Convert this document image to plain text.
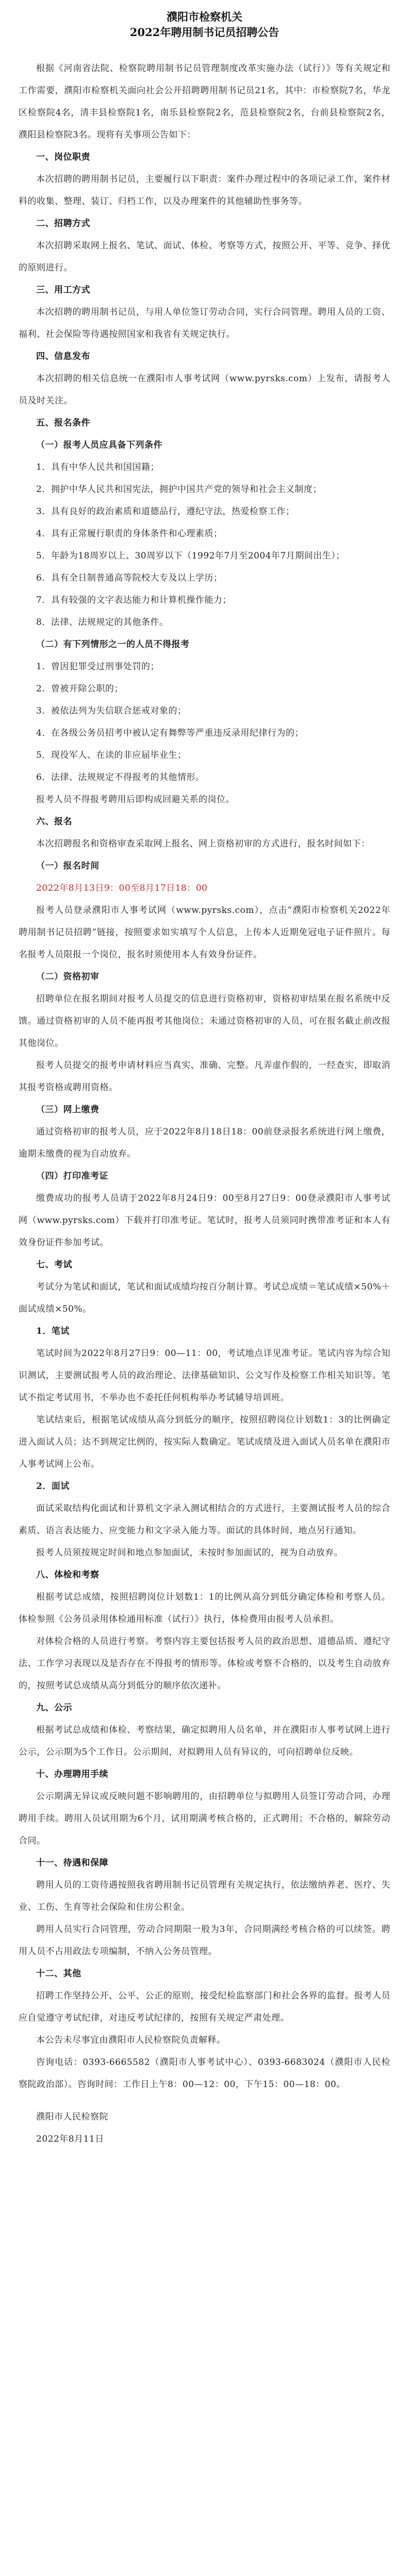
濮阳市检察机关
2022年聘用制书记员招聘公告

根据《河南省法院、检察院聘用制书记员管理制度改革实施办法（试行）》等有关规定和工作需要，濮阳市检察机关面向社会公开招聘聘用制书记员21名，其中：市检察院7名，华龙区检察院4名，清丰县检察院1名，南乐县检察院2名，范县检察院2名，台前县检察院2名，濮阳县检察院3名。现将有关事项公告如下：

一、岗位职责

本次招聘的聘用制书记员，主要履行以下职责：案件办理过程中的各项记录工作，案件材料的收集、整理、装订、归档工作，以及办理案件的其他辅助性事务等。

二、招聘方式

本次招聘采取网上报名、笔试、面试、体检、考察等方式，按照公开、平等、竞争、择优的原则进行。

三、用工方式

本次招聘的聘用制书记员，与用人单位签订劳动合同，实行合同管理。聘用人员的工资、福利、社会保险等待遇按照国家和我省有关规定执行。

四、信息发布

本次招聘的相关信息统一在濮阳市人事考试网（www.pyrsks.com）上发布，请报考人员及时关注。

五、报名条件

（一）报考人员应具备下列条件

1．具有中华人民共和国国籍；

2．拥护中华人民共和国宪法，拥护中国共产党的领导和社会主义制度；

3．具有良好的政治素质和道德品行，遵纪守法，热爱检察工作；

4．具有正常履行职责的身体条件和心理素质；

5．年龄为18周岁以上、30周岁以下（1992年7月至2004年7月期间出生）；

6．具有全日制普通高等院校大专及以上学历；

7．具有较强的文字表达能力和计算机操作能力；

8．法律、法规规定的其他条件。

（二）有下列情形之一的人员不得报考

1．曾因犯罪受过刑事处罚的；

2．曾被开除公职的；

3．被依法列为失信联合惩戒对象的；

4．在各级公务员招考中被认定有舞弊等严重违反录用纪律行为的；

5．现役军人、在读的非应届毕业生；

6．法律、法规规定不得报考的其他情形。

报考人员不得报考聘用后即构成回避关系的岗位。

六、报名

本次招聘报名和资格审查采取网上报名、网上资格初审的方式进行，报名时间如下：

（一）报名时间

2022年8月13日9：00至8月17日18：00

报考人员登录濮阳市人事考试网（www.pyrsks.com），点击“濮阳市检察机关2022年聘用制书记员招聘”链接，按照要求如实填写个人信息，上传本人近期免冠电子证件照片。每名报考人员限报一个岗位，报名时须使用本人有效身份证件。

（二）资格初审

招聘单位在报名期间对报考人员提交的信息进行资格初审，资格初审结果在报名系统中反馈。通过资格初审的人员不能再报考其他岗位；未通过资格初审的人员，可在报名截止前改报其他岗位。

报考人员提交的报考申请材料应当真实、准确、完整。凡弄虚作假的，一经查实，即取消其报考资格或聘用资格。

（三）网上缴费

通过资格初审的报考人员，应于2022年8月18日18：00前登录报名系统进行网上缴费，逾期未缴费的视为自动放弃。

（四）打印准考证

缴费成功的报考人员请于2022年8月24日9：00至8月27日9：00登录濮阳市人事考试网（www.pyrsks.com）下载并打印准考证。笔试时，报考人员须同时携带准考证和本人有效身份证件参加考试。

七、考试

考试分为笔试和面试，笔试和面试成绩均按百分制计算。考试总成绩＝笔试成绩×50%＋面试成绩×50%。

1．笔试

笔试时间为2022年8月27日9：00—11：00，考试地点详见准考证。笔试内容为综合知识测试，主要测试报考人员的政治理论、法律基础知识、公文写作及检察工作相关知识等。笔试不指定考试用书，不举办也不委托任何机构举办考试辅导培训班。

笔试结束后，根据笔试成绩从高分到低分的顺序，按照招聘岗位计划数1：3的比例确定进入面试人员；达不到规定比例的，按实际人数确定。笔试成绩及进入面试人员名单在濮阳市人事考试网上公布。

2．面试

面试采取结构化面试和计算机文字录入测试相结合的方式进行，主要测试报考人员的综合素质、语言表达能力、应变能力和文字录入能力等。面试的具体时间、地点另行通知。

报考人员须按规定时间和地点参加面试，未按时参加面试的，视为自动放弃。

八、体检和考察

根据考试总成绩，按照招聘岗位计划数1：1的比例从高分到低分确定体检和考察人员。体检参照《公务员录用体检通用标准（试行）》执行，体检费用由报考人员承担。

对体检合格的人员进行考察。考察内容主要包括报考人员的政治思想、道德品质、遵纪守法、工作学习表现以及是否存在不得报考的情形等。体检或考察不合格的，以及考生自动放弃的，按照考试总成绩从高分到低分的顺序依次递补。

九、公示

根据考试总成绩和体检、考察结果，确定拟聘用人员名单，并在濮阳市人事考试网上进行公示，公示期为5个工作日。公示期间，对拟聘用人员有异议的，可向招聘单位反映。

十、办理聘用手续

公示期满无异议或反映问题不影响聘用的，由招聘单位与拟聘用人员签订劳动合同，办理聘用手续。聘用人员试用期为6个月，试用期满考核合格的，正式聘用；不合格的，解除劳动合同。

十一、待遇和保障

聘用人员的工资待遇按照我省聘用制书记员管理有关规定执行，依法缴纳养老、医疗、失业、工伤、生育等社会保险和住房公积金。

聘用人员实行合同管理，劳动合同期限一般为3年，合同期满经考核合格的可以续签。聘用人员不占用政法专项编制，不纳入公务员管理。

十二、其他

招聘工作坚持公开、公平、公正的原则，接受纪检监察部门和社会各界的监督。报考人员应自觉遵守考试纪律，对违反考试纪律的，按照有关规定严肃处理。

本公告未尽事宜由濮阳市人民检察院负责解释。

咨询电话：0393-6665582（濮阳市人事考试中心）、0393-6683024（濮阳市人民检察院政治部）。咨询时间：工作日上午8：00—12：00，下午15：00—18：00。

濮阳市人民检察院

2022年8月11日
